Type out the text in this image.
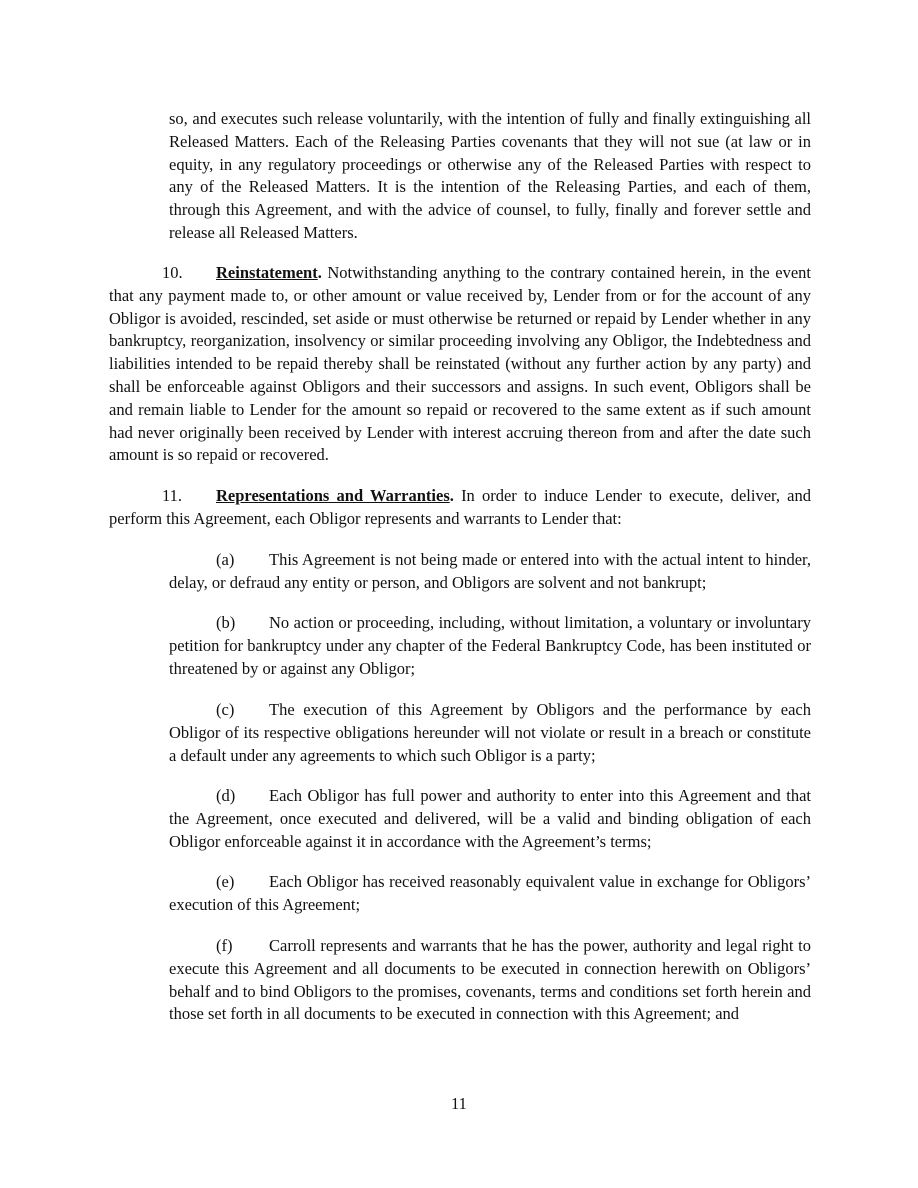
so, and executes such release voluntarily, with the intention of fully and finally extinguishing all Released Matters. Each of the Releasing Parties covenants that they will not sue (at law or in equity, in any regulatory proceedings or otherwise any of the Released Parties with respect to any of the Released Matters. It is the intention of the Releasing Parties, and each of them, through this Agreement, and with the advice of counsel, to fully, finally and forever settle and release all Released Matters.

10. Reinstatement. Notwithstanding anything to the contrary contained herein, in the event that any payment made to, or other amount or value received by, Lender from or for the account of any Obligor is avoided, rescinded, set aside or must otherwise be returned or repaid by Lender whether in any bankruptcy, reorganization, insolvency or similar proceeding involving any Obligor, the Indebtedness and liabilities intended to be repaid thereby shall be reinstated (without any further action by any party) and shall be enforceable against Obligors and their successors and assigns. In such event, Obligors shall be and remain liable to Lender for the amount so repaid or recovered to the same extent as if such amount had never originally been received by Lender with interest accruing thereon from and after the date such amount is so repaid or recovered.

11. Representations and Warranties. In order to induce Lender to execute, deliver, and perform this Agreement, each Obligor represents and warrants to Lender that:

(a) This Agreement is not being made or entered into with the actual intent to hinder, delay, or defraud any entity or person, and Obligors are solvent and not bankrupt;

(b) No action or proceeding, including, without limitation, a voluntary or involuntary petition for bankruptcy under any chapter of the Federal Bankruptcy Code, has been instituted or threatened by or against any Obligor;

(c) The execution of this Agreement by Obligors and the performance by each Obligor of its respective obligations hereunder will not violate or result in a breach or constitute a default under any agreements to which such Obligor is a party;

(d) Each Obligor has full power and authority to enter into this Agreement and that the Agreement, once executed and delivered, will be a valid and binding obligation of each Obligor enforceable against it in accordance with the Agreement’s terms;

(e) Each Obligor has received reasonably equivalent value in exchange for Obligors’ execution of this Agreement;

(f) Carroll represents and warrants that he has the power, authority and legal right to execute this Agreement and all documents to be executed in connection herewith on Obligors’ behalf and to bind Obligors to the promises, covenants, terms and conditions set forth herein and those set forth in all documents to be executed in connection with this Agreement; and

11
